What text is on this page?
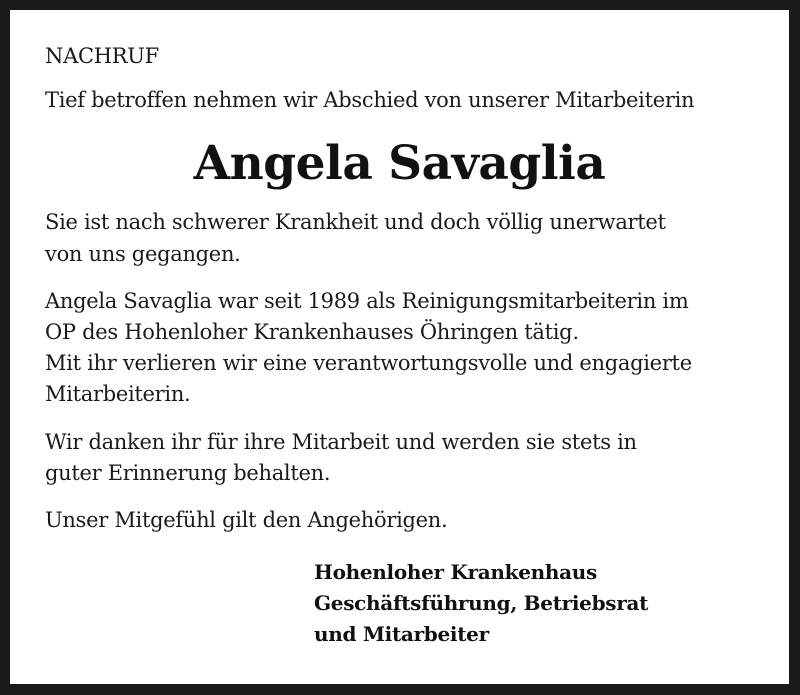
NACHRUF
Tief betroffen nehmen wir Abschied von unserer Mitarbeiterin
Angela Savaglia
Sie ist nach schwerer Krankheit und doch völlig unerwartet
von uns gegangen.
Angela Savaglia war seit 1989 als Reinigungsmitarbeiterin im
OP des Hohenloher Krankenhauses Öhringen tätig.
Mit ihr verlieren wir eine verantwortungsvolle und engagierte
Mitarbeiterin.
Wir danken ihr für ihre Mitarbeit und werden sie stets in
guter Erinnerung behalten.
Unser Mitgefühl gilt den Angehörigen.
Hohenloher Krankenhaus
Geschäftsführung, Betriebsrat
und Mitarbeiter
